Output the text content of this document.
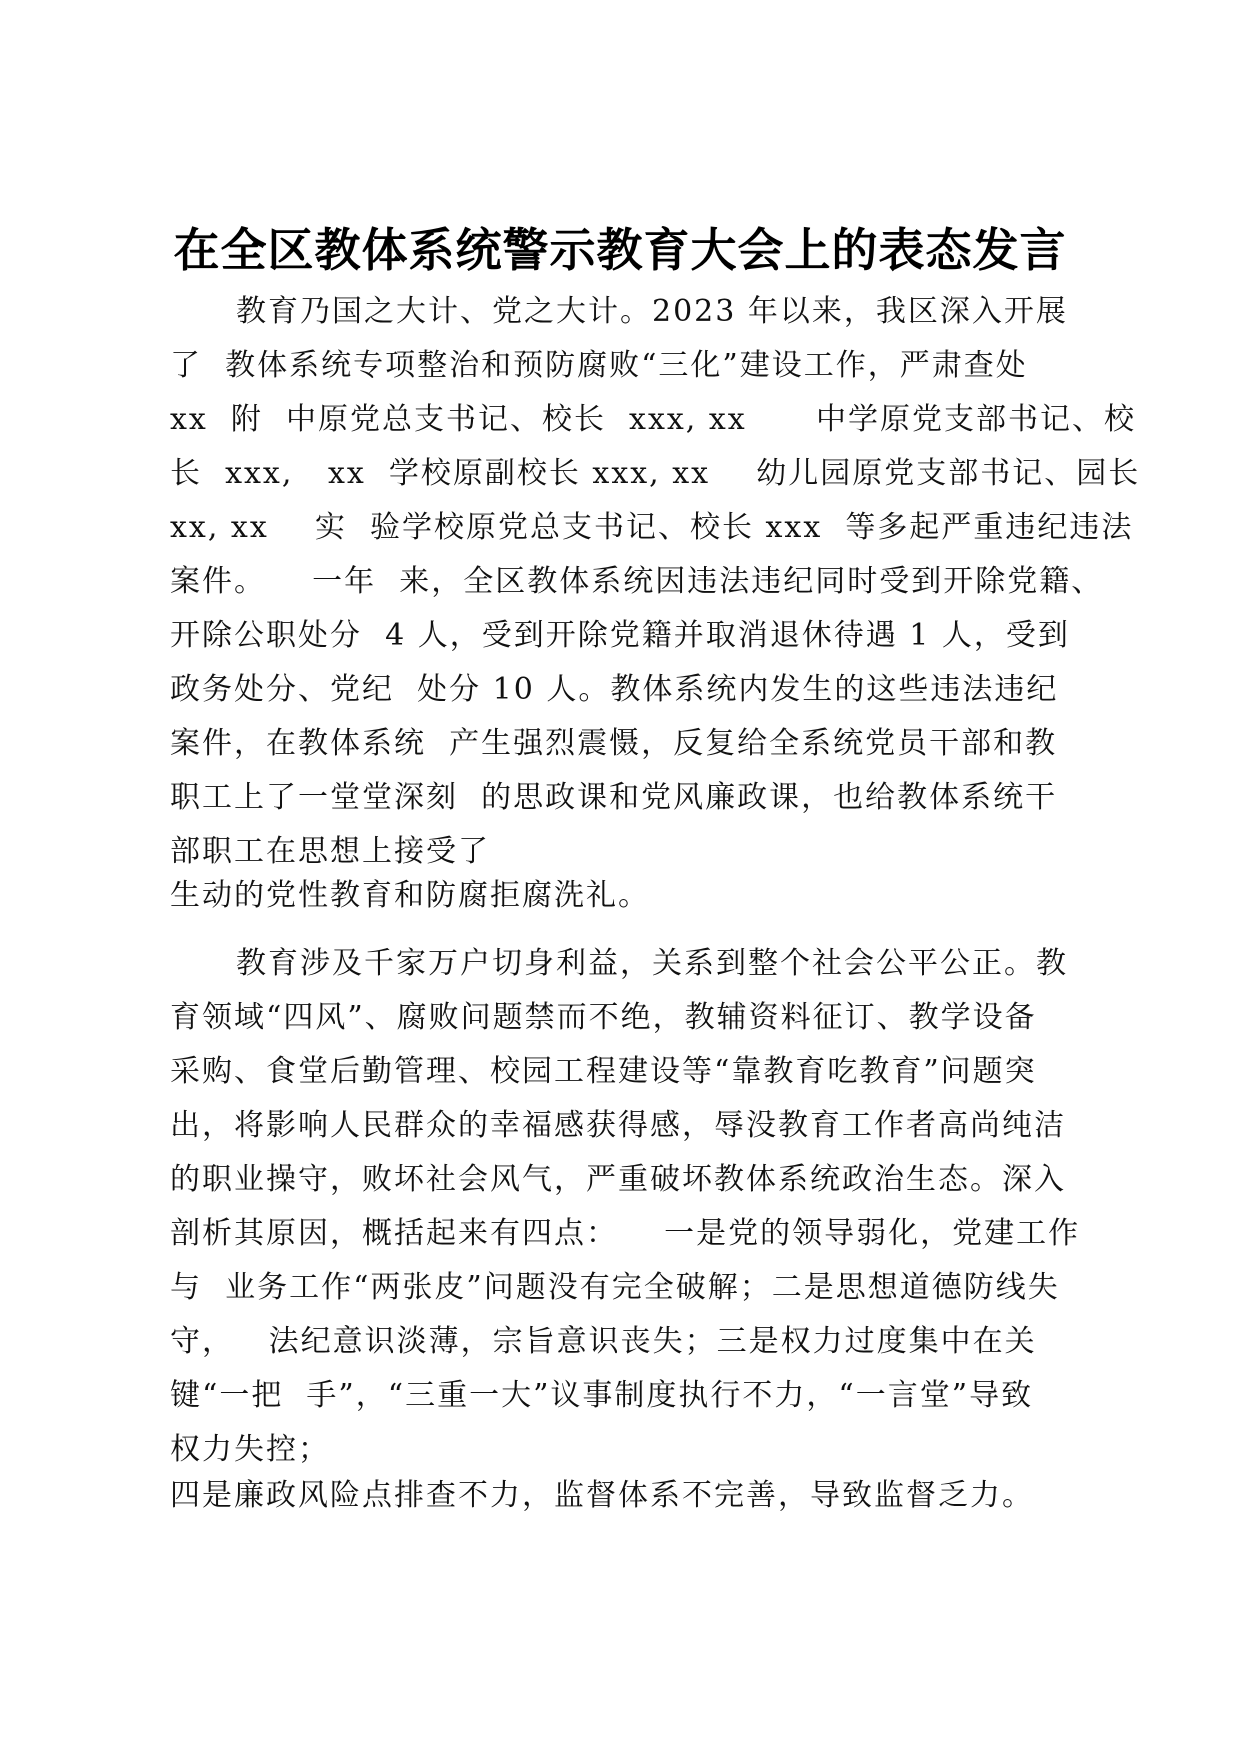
在全区教体系统警示教育大会上的表态发言
教育乃国之大计、党之大计。2023 年以来，我区深入开展
了  教体系统专项整治和预防腐败“三化”建设工作，严肃查处
xx  附  中原党总支书记、校长  xxx, xx      中学原党支部书记、校
长  xxx,   xx  学校原副校长 xxx, xx    幼儿园原党支部书记、园长
xx, xx    实  验学校原党总支书记、校长 xxx  等多起严重违纪违法
案件。    一年  来，全区教体系统因违法违纪同时受到开除党籍、
开除公职处分  4 人，受到开除党籍并取消退休待遇 1 人，受到
政务处分、党纪  处分 10 人。教体系统内发生的这些违法违纪
案件，在教体系统  产生强烈震慑，反复给全系统党员干部和教
职工上了一堂堂深刻  的思政课和党风廉政课，也给教体系统干
部职工在思想上接受了
生动的党性教育和防腐拒腐洗礼。
教育涉及千家万户切身利益，关系到整个社会公平公正。教
育领域“四风”、腐败问题禁而不绝，教辅资料征订、教学设备
采购、食堂后勤管理、校园工程建设等“靠教育吃教育”问题突
出，将影响人民群众的幸福感获得感，辱没教育工作者高尚纯洁
的职业操守，败坏社会风气，严重破坏教体系统政治生态。深入
剖析其原因，概括起来有四点：    一是党的领导弱化，党建工作
与  业务工作“两张皮”问题没有完全破解；二是思想道德防线失
守，   法纪意识淡薄，宗旨意识丧失；三是权力过度集中在关
键“一把  手”，“三重一大”议事制度执行不力，“一言堂”导致
权力失控；
四是廉政风险点排查不力，监督体系不完善，导致监督乏力。
